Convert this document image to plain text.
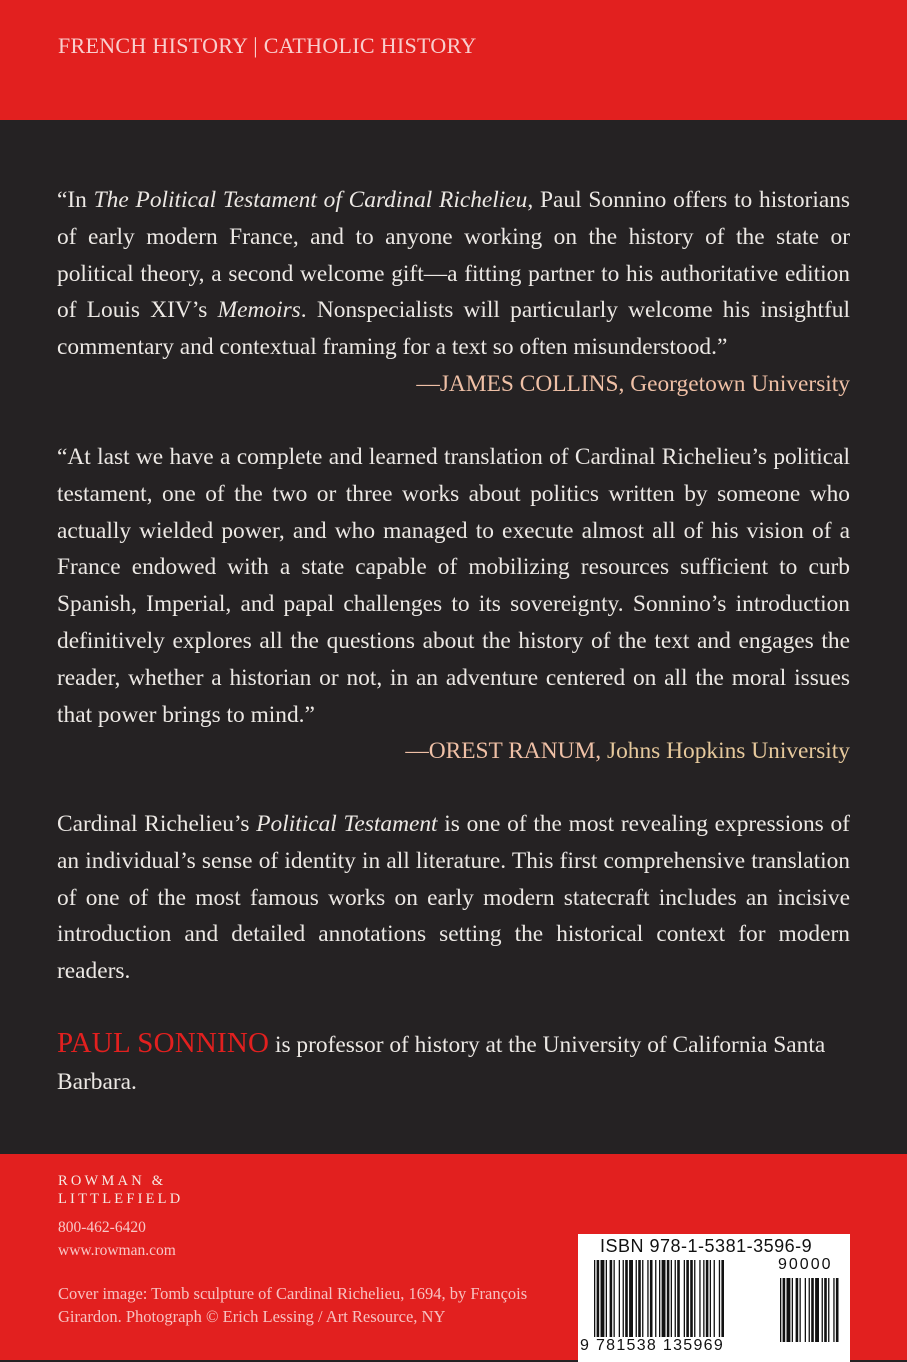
FRENCH HISTORY | CATHOLIC HISTORY
“In The Political Testament of Cardinal Richelieu, Paul Sonnino offers to historians of early modern France, and to anyone working on the history of the state or political theory, a second welcome gift—a fitting partner to his authoritative edition of Louis XIV’s Memoirs. Nonspecialists will particularly welcome his insightful commentary and contextual framing for a text so often misunderstood.”
—JAMES COLLINS, Georgetown University
“At last we have a complete and learned translation of Cardinal Richelieu’s political testament, one of the two or three works about politics written by someone who actually wielded power, and who managed to execute almost all of his vision of a France endowed with a state capable of mobilizing resources sufficient to curb Spanish, Imperial, and papal challenges to its sovereignty. Sonnino’s introduction definitively explores all the questions about the history of the text and engages the reader, whether a historian or not, in an adventure centered on all the moral issues that power brings to mind.”
—OREST RANUM, Johns Hopkins University
Cardinal Richelieu’s Political Testament is one of the most revealing expressions of an individual’s sense of identity in all literature. This first comprehensive translation of one of the most famous works on early modern statecraft includes an incisive introduction and detailed annotations setting the historical context for modern readers.
PAUL SONNINO is professor of history at the University of California Santa Barbara.
ROWMAN &
LITTLEFIELD
800-462-6420
www.rowman.com
Cover image: Tomb sculpture of Cardinal Richelieu, 1694, by François Girardon. Photograph © Erich Lessing / Art Resource, NY
ISBN 978-1-5381-3596-9
90000
9 781538 135969
